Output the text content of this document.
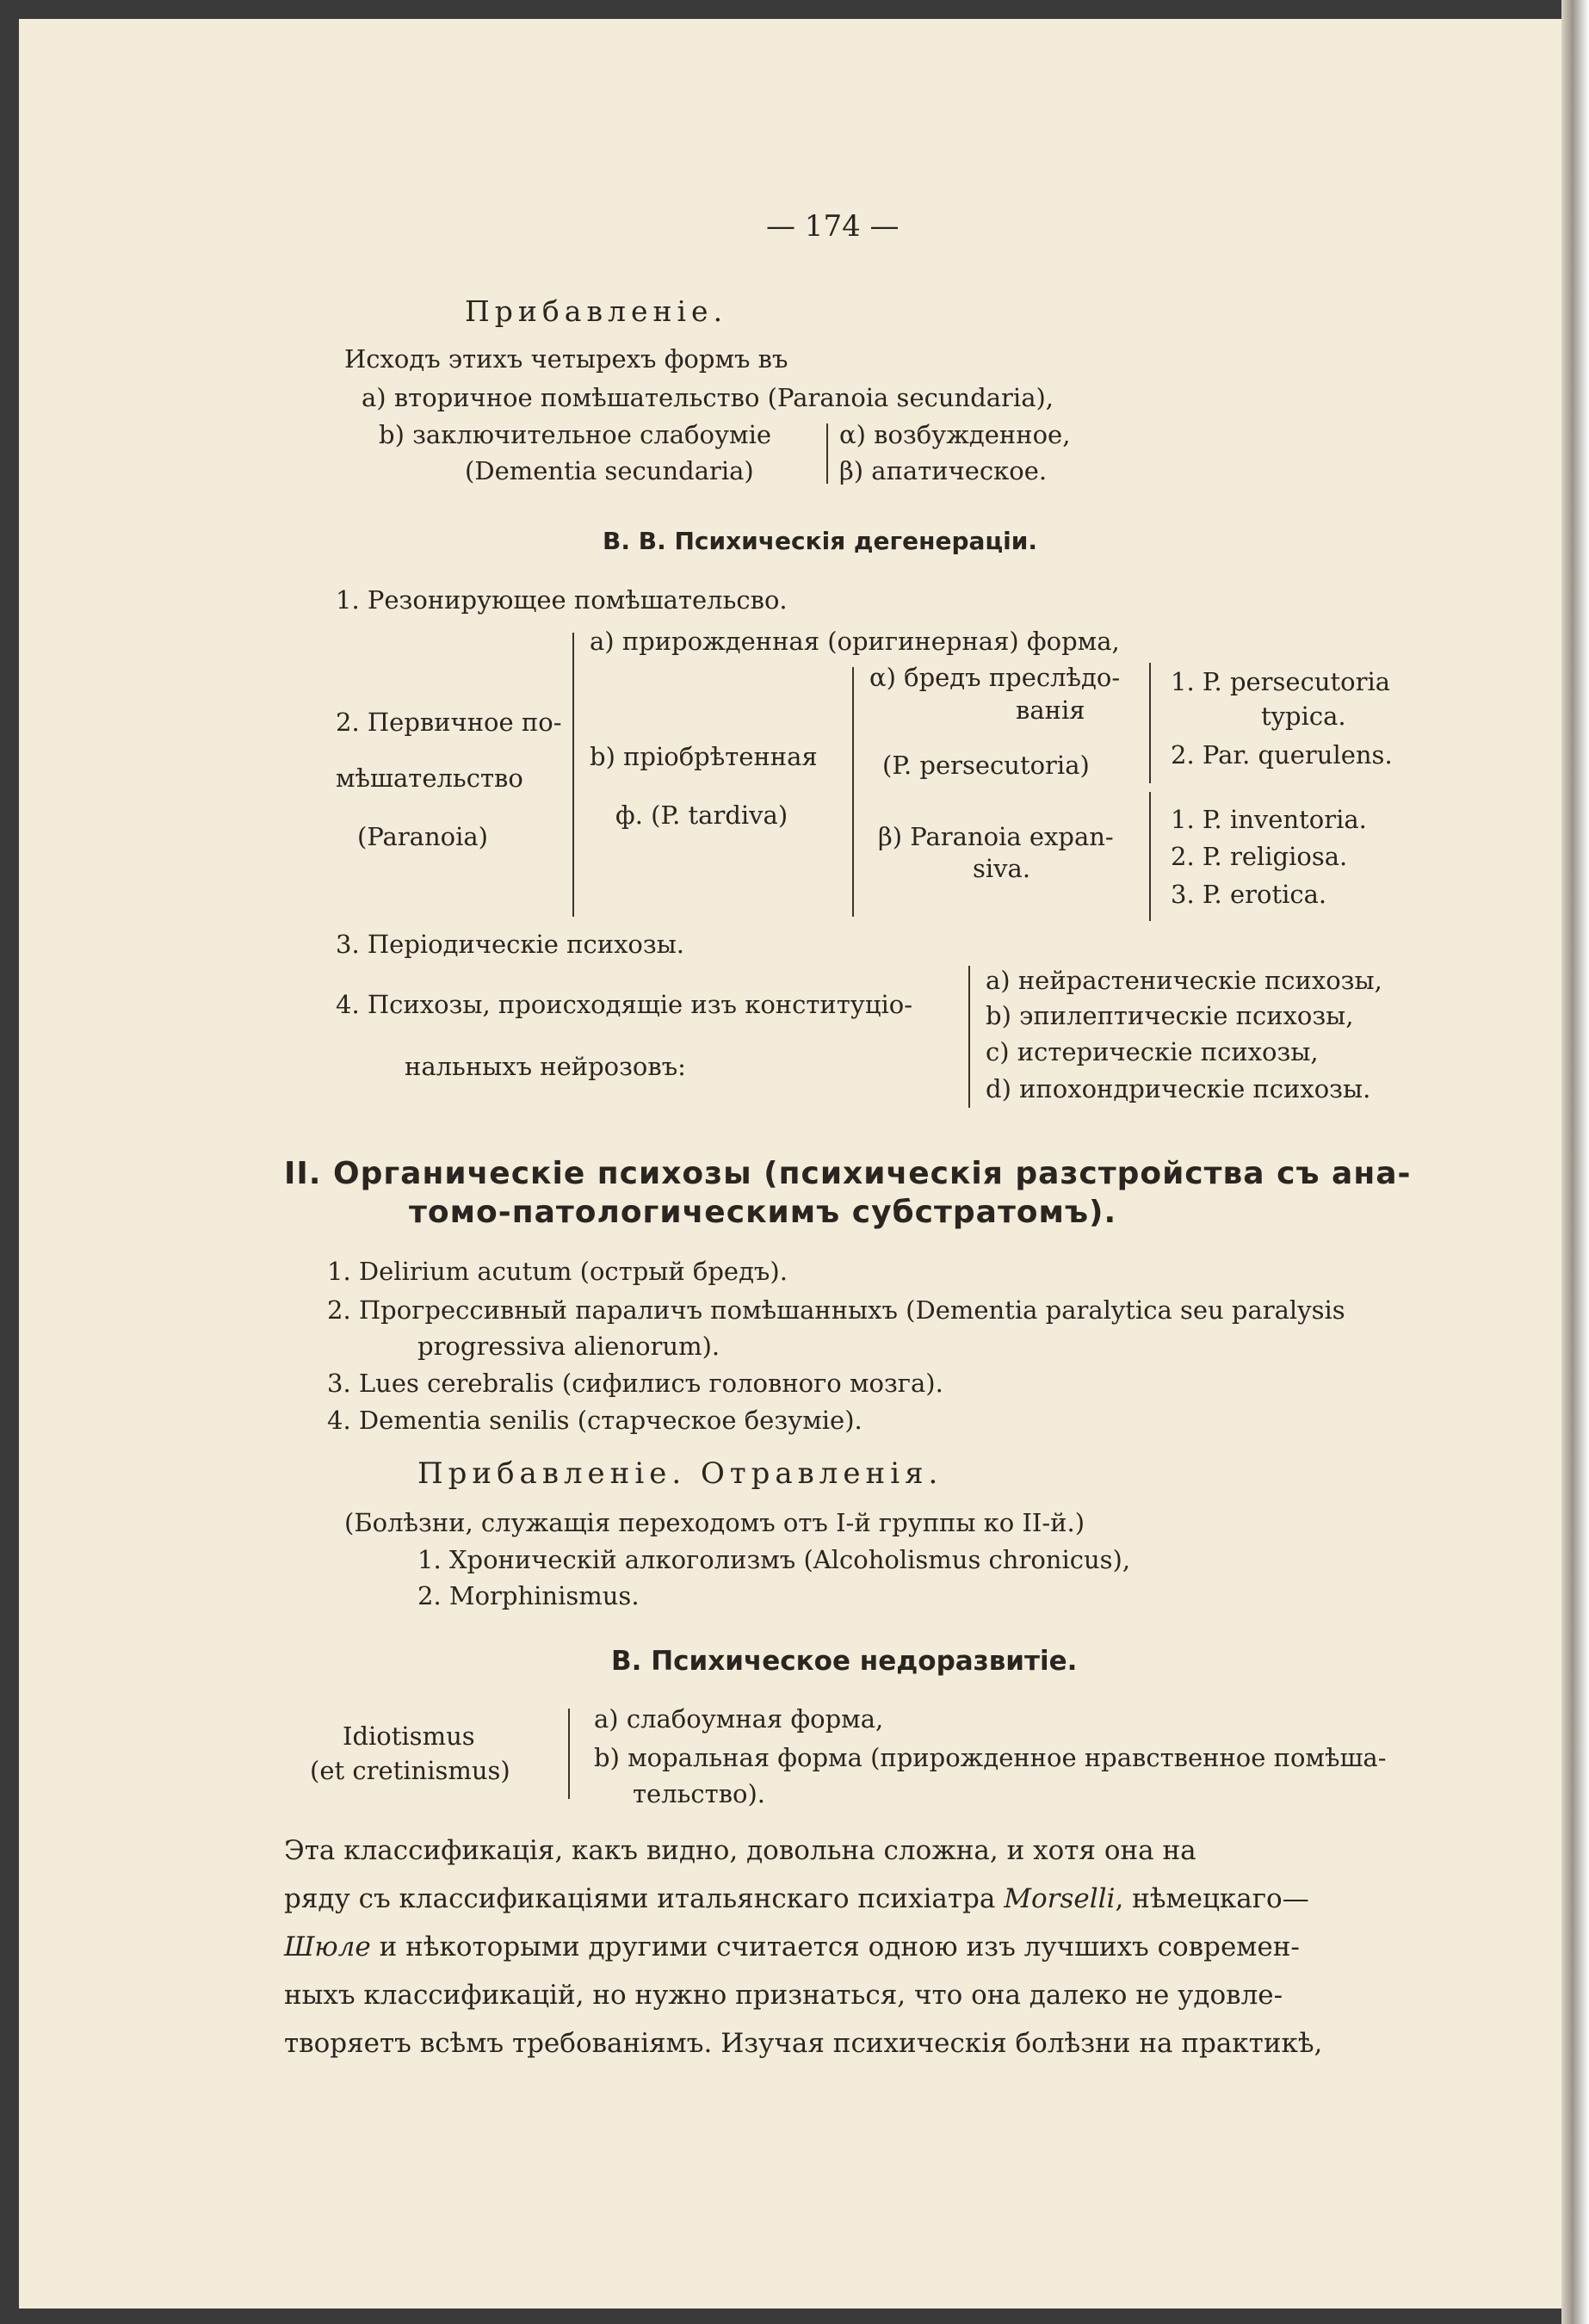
— 174 —
Прибавленіе.
Исходъ этихъ четырехъ формъ въ
а) вторичное помѣшательство (Paranoia secundaria),
b) заключительное слабоуміе
(Dementia secundaria)
α) возбужденное,
β) апатическое.
В. В. Психическія дегенераціи.
1. Резонирующее помѣшательсво.
2. Первичное по-
мѣшательство
(Paranoia)
а) прирожденная (оригинерная) форма,
b) пріобрѣтенная
ф. (P. tardiva)
α) бредъ преслѣдо-
ванія
(P. persecutoria)
β) Paranoia expan-
siva.
1. P. persecutoria
typica.
2. Par. querulens.
1. P. inventoria.
2. P. religiosa.
3. P. erotica.
3. Періодическіе психозы.
4. Психозы, происходящіе изъ конституціо-
нальныхъ нейрозовъ:
а) нейрастеническіе психозы,
b) эпилептическіе психозы,
с) истерическіе психозы,
d) ипохондрическіе психозы.
II. Органическіе психозы (психическія разстройства съ ана-
томо-патологическимъ субстратомъ).
1. Delirium acutum (острый бредъ).
2. Прогрессивный параличъ помѣшанныхъ (Dementia paralytica seu paralysis
progressiva alienorum).
3. Lues cerebralis (сифилисъ головного мозга).
4. Dementia senilis (старческое безуміе).
Прибавленіе. Отравленія.
(Болѣзни, служащія переходомъ отъ I-й группы ко II-й.)
1. Хроническій алкоголизмъ (Alcoholismus chronicus),
2. Morphinismus.
В. Психическое недоразвитіе.
Idiotismus
(et cretinismus)
а) слабоумная форма,
b) моральная форма (прирожденное нравственное помѣша-
тельство).
Эта классификація, какъ видно, довольна сложна, и хотя она на
ряду съ классификаціями итальянскаго психіатра Morselli, нѣмецкаго—
Шюле и нѣкоторыми другими считается одною изъ лучшихъ современ-
ныхъ классификацій, но нужно признаться, что она далеко не удовле-
творяетъ всѣмъ требованіямъ. Изучая психическія болѣзни на практикѣ,
